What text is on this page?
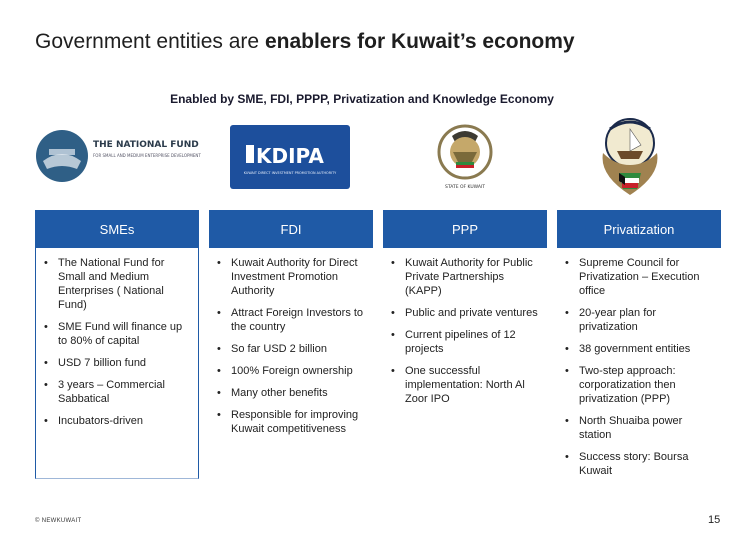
Government entities are enablers for Kuwait’s economy
Enabled by SME, FDI, PPPP, Privatization and Knowledge Economy
THE NATIONAL FUND
FOR SMALL AND MEDIUM ENTERPRISE DEVELOPMENT	KDIPA
KUWAIT DIRECT INVESTMENT PROMOTION AUTHORITY
STATE OF KUWAIT
SMEs
• The National Fund for Small and Medium Enterprises ( National Fund)
• SME Fund will finance up to 80% of capital
• USD 7 billion fund
• 3 years – Commercial Sabbatical
• Incubators-driven
FDI
• Kuwait Authority for Direct Investment Promotion Authority
• Attract Foreign Investors to the country
• So far USD 2 billion
• 100% Foreign ownership
• Many other benefits
• Responsible for improving Kuwait competitiveness
PPP
• Kuwait Authority for Public Private Partnerships (KAPP)
• Public and private ventures
• Current pipelines of 12 projects
• One successful implementation: North Al Zoor IPO
Privatization
• Supreme Council for Privatization – Execution office
• 20-year plan for privatization
• 38 government entities
• Two-step approach: corporatization then privatization (PPP)
• North Shuaiba power station
• Success story: Boursa Kuwait
© NEWKUWAIT	15
